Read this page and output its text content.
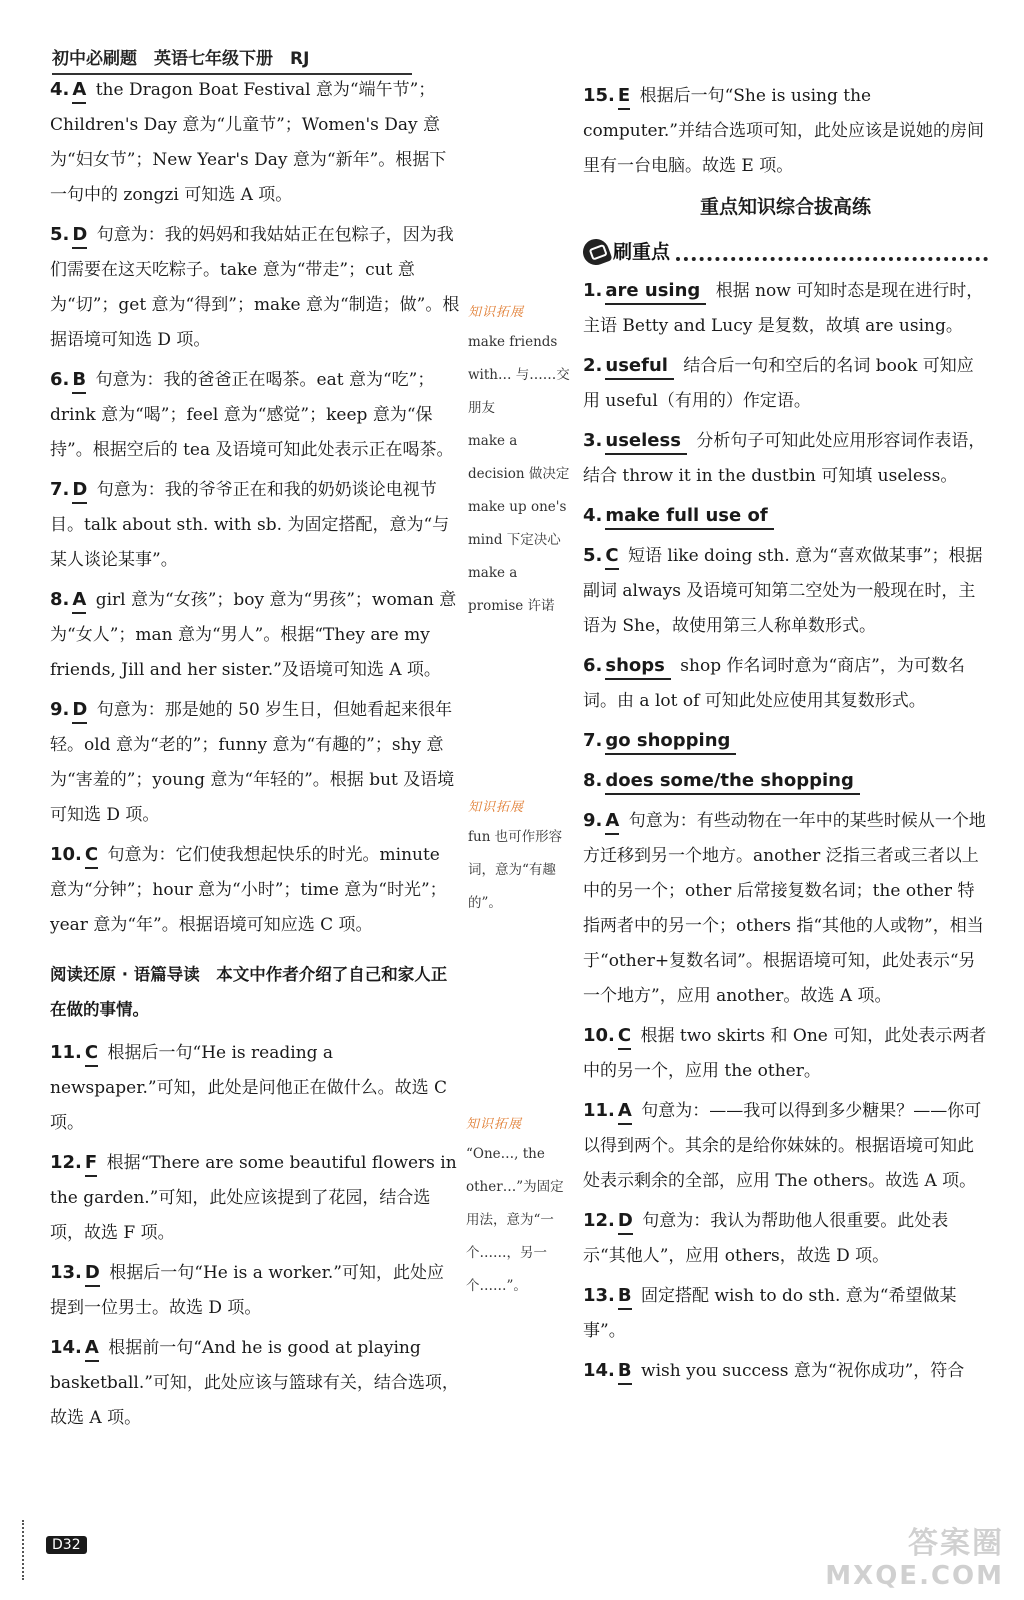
初中必刷题　英语七年级下册　RJ
4. A the Dragon Boat Festival 意为“端午节”；Children's Day 意为“儿童节”；Women's Day 意为“妇女节”；New Year's Day 意为“新年”。根据下一句中的 zongzi 可知选 A 项。
5. D 句意为：我的妈妈和我姑姑正在包粽子，因为我们需要在这天吃粽子。take 意为“带走”；cut 意为“切”；get 意为“得到”；make 意为“制造；做”。根据语境可知选 D 项。
6. B 句意为：我的爸爸正在喝茶。eat 意为“吃”；drink 意为“喝”；feel 意为“感觉”；keep 意为“保持”。根据空后的 tea 及语境可知此处表示正在喝茶。
7. D 句意为：我的爷爷正在和我的奶奶谈论电视节目。talk about sth. with sb. 为固定搭配，意为“与某人谈论某事”。
8. A girl 意为“女孩”；boy 意为“男孩”；woman 意为“女人”；man 意为“男人”。根据“They are my friends, Jill and her sister.”及语境可知选 A 项。
9. D 句意为：那是她的 50 岁生日，但她看起来很年轻。old 意为“老的”；funny 意为“有趣的”；shy 意为“害羞的”；young 意为“年轻的”。根据 but 及语境可知选 D 项。
10. C 句意为：它们使我想起快乐的时光。minute 意为“分钟”；hour 意为“小时”；time 意为“时光”；year 意为“年”。根据语境可知应选 C 项。
阅读还原 · 语篇导读　本文中作者介绍了自己和家人正在做的事情。
11. C 根据后一句“He is reading a newspaper.”可知，此处是问他正在做什么。故选 C 项。
12. F 根据“There are some beautiful flowers in the garden.”可知，此处应该提到了花园，结合选项，故选 F 项。
13. D 根据后一句“He is a worker.”可知，此处应提到一位男士。故选 D 项。
14. A 根据前一句“And he is good at playing basketball.”可知，此处应该与篮球有关，结合选项，故选 A 项。
知识拓展
make friends with… 与……交朋友
make a decision 做决定
make up one's mind 下定决心
make a promise 许诺
知识拓展
fun 也可作形容词，意为“有趣的”。
知识拓展
“One…, the other…”为固定用法，意为“一个……，另一个……”。
15. E 根据后一句“She is using the computer.”并结合选项可知，此处应该是说她的房间里有一台电脑。故选 E 项。
重点知识综合拔高练
刷重点
1. are using 根据 now 可知时态是现在进行时，主语 Betty and Lucy 是复数，故填 are using。
2. useful 结合后一句和空后的名词 book 可知应用 useful（有用的）作定语。
3. useless 分析句子可知此处应用形容词作表语，结合 throw it in the dustbin 可知填 useless。
4. make full use of
5. C 短语 like doing sth. 意为“喜欢做某事”；根据副词 always 及语境可知第二空处为一般现在时，主语为 She，故使用第三人称单数形式。
6. shops shop 作名词时意为“商店”，为可数名词。由 a lot of 可知此处应使用其复数形式。
7. go shopping
8. does some/the shopping
9. A 句意为：有些动物在一年中的某些时候从一个地方迁移到另一个地方。another 泛指三者或三者以上中的另一个；other 后常接复数名词；the other 特指两者中的另一个；others 指“其他的人或物”，相当于“other+复数名词”。根据语境可知，此处表示“另一个地方”，应用 another。故选 A 项。
10. C 根据 two skirts 和 One 可知，此处表示两者中的另一个，应用 the other。
11. A 句意为：——我可以得到多少糖果？——你可以得到两个。其余的是给你妹妹的。根据语境可知此处表示剩余的全部，应用 The others。故选 A 项。
12. D 句意为：我认为帮助他人很重要。此处表示“其他人”，应用 others，故选 D 项。
13. B 固定搭配 wish to do sth. 意为“希望做某事”。
14. B wish you success 意为“祝你成功”，符合
D32	答案圈
MXQE.COM
